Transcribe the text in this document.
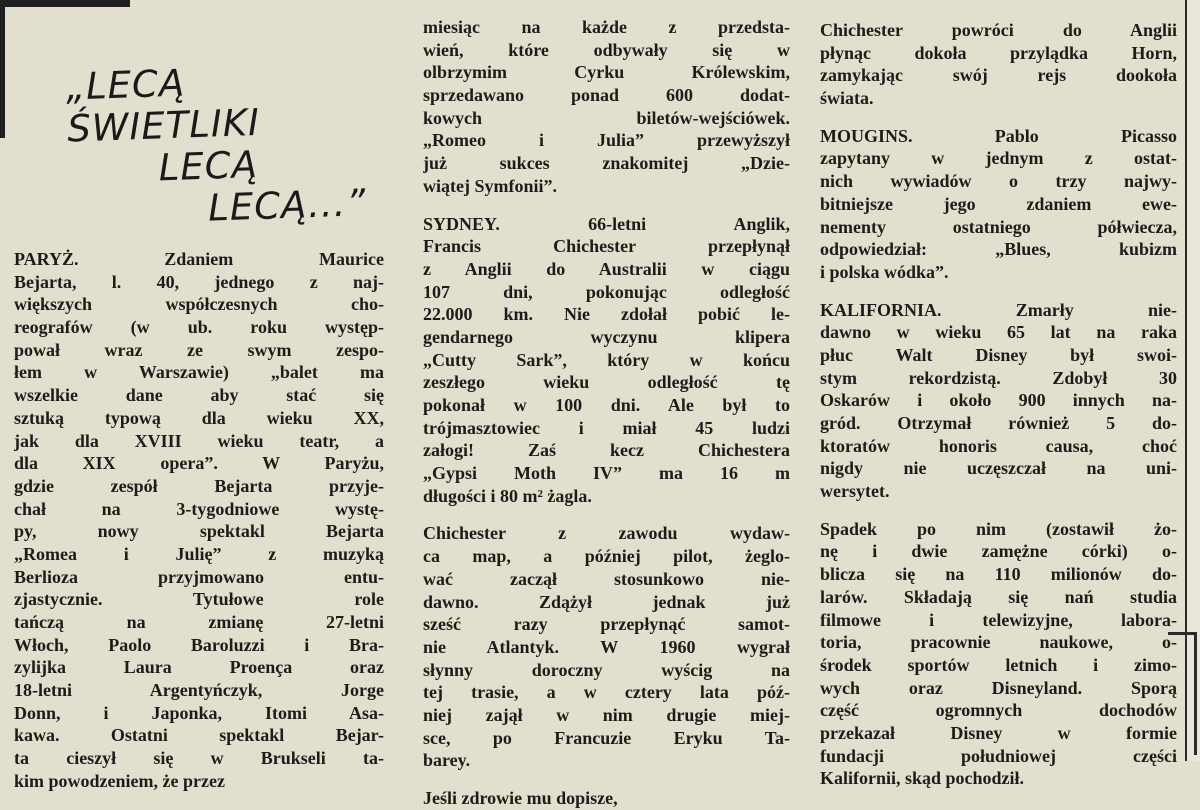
„LECĄ ŚWIETLIKI
LECĄ
LECĄ...”
PARYŻ. Zdaniem Maurice
Bejarta, l. 40, jednego z naj-
większych współczesnych cho-
reografów (w ub. roku występ-
pował wraz ze swym zespo-
łem w Warszawie) „balet ma
wszelkie dane aby stać się
sztuką typową dla wieku XX,
jak dla XVIII wieku teatr, a
dla XIX opera”. W Paryżu,
gdzie zespół Bejarta przyje-
chał na 3-tygodniowe wystę-
py, nowy spektakl Bejarta
„Romea i Julię” z muzyką
Berlioza przyjmowano entu-
zjastycznie. Tytułowe role
tańczą na zmianę 27-letni
Włoch, Paolo Baroluzzi i Bra-
zylijka Laura Proença oraz
18-letni Argentyńczyk, Jorge
Donn, i Japonka, Itomi Asa-
kawa. Ostatni spektakl Bejar-
ta cieszył się w Brukseli ta-
kim powodzeniem, że przez
miesiąc na każde z przedsta-
wień, które odbywały się w
olbrzymim Cyrku Królewskim,
sprzedawano ponad 600 dodat-
kowych biletów-wejściówek.
„Romeo i Julia” przewyższył
już sukces znakomitej „Dzie-
wiątej Symfonii”.
SYDNEY. 66-letni Anglik,
Francis Chichester przepłynął
z Anglii do Australii w ciągu
107 dni, pokonując odległość
22.000 km. Nie zdołał pobić le-
gendarnego wyczynu klipera
„Cutty Sark”, który w końcu
zeszłego wieku odległość tę
pokonał w 100 dni. Ale był to
trójmasztowiec i miał 45 ludzi
załogi! Zaś kecz Chichestera
„Gypsi Moth IV” ma 16 m
długości i 80 m² żagla.
Chichester z zawodu wydaw-
ca map, a później pilot, żeglo-
wać zaczął stosunkowo nie-
dawno. Zdążył jednak już
sześć razy przepłynąć samot-
nie Atlantyk. W 1960 wygrał
słynny doroczny wyścig na
tej trasie, a w cztery lata póź-
niej zajął w nim drugie miej-
sce, po Francuzie Eryku Ta-
barey.
Jeśli zdrowie mu dopisze,
Chichester powróci do Anglii
płynąc dokoła przylądka Horn,
zamykając swój rejs dookoła
świata.
MOUGINS. Pablo Picasso
zapytany w jednym z ostat-
nich wywiadów o trzy najwy-
bitniejsze jego zdaniem ewe-
nementy ostatniego półwiecza,
odpowiedział: „Blues, kubizm
i polska wódka”.
KALIFORNIA. Zmarły nie-
dawno w wieku 65 lat na raka
płuc Walt Disney był swoi-
stym rekordzistą. Zdobył 30
Oskarów i około 900 innych na-
gród. Otrzymał również 5 do-
ktoratów honoris causa, choć
nigdy nie uczęszczał na uni-
wersytet.
Spadek po nim (zostawił żo-
nę i dwie zamężne córki) o-
blicza się na 110 milionów do-
larów. Składają się nań studia
filmowe i telewizyjne, labora-
toria, pracownie naukowe, o-
środek sportów letnich i zimo-
wych oraz Disneyland. Sporą
część ogromnych dochodów
przekazał Disney w formie
fundacji południowej części
Kalifornii, skąd pochodził.
